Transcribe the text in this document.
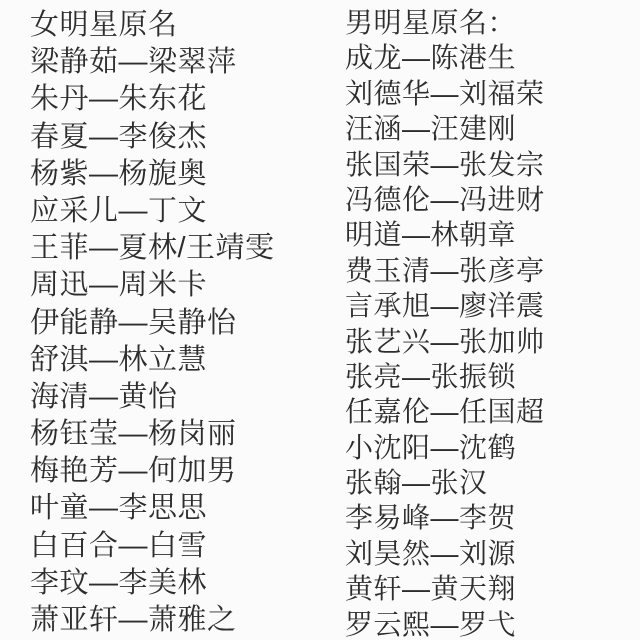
女明星原名
梁静茹—梁翠萍
朱丹—朱东花
春夏—李俊杰
杨紫—杨旎奥
应采儿—丁文
王菲—夏林/王靖雯
周迅—周米卡
伊能静—吴静怡
舒淇—林立慧
海清—黄怡
杨钰莹—杨岗丽
梅艳芳—何加男
叶童—李思思
白百合—白雪
李玟—李美林
萧亚轩—萧雅之
男明星原名：
成龙—陈港生
刘德华—刘福荣
汪涵—汪建刚
张国荣—张发宗
冯德伦—冯进财
明道—林朝章
费玉清—张彦亭
言承旭—廖洋震
张艺兴—张加帅
张亮—张振锁
任嘉伦—任国超
小沈阳—沈鹤
张翰—张汉
李易峰—李贺
刘昊然—刘源
黄轩—黄天翔
罗云熙—罗弋
